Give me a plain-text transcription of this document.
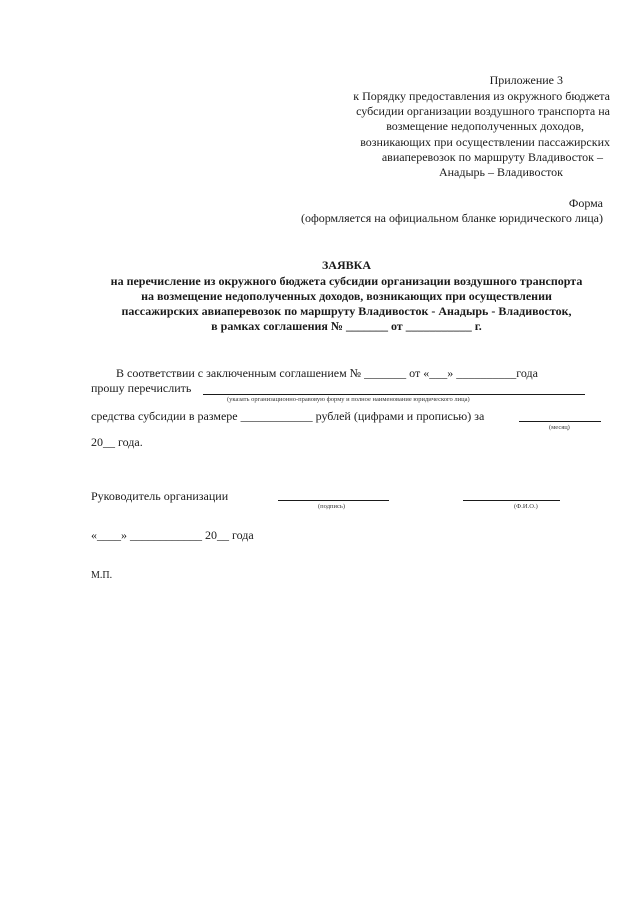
Приложение 3
к Порядку предоставления из окружного бюджета
субсидии организации воздушного транспорта на
возмещение недополученных доходов,
возникающих при осуществлении пассажирских
авиаперевозок по маршруту Владивосток –
Анадырь – Владивосток
Форма
(оформляется на официальном бланке юридического лица)
ЗАЯВКА
на перечисление из окружного бюджета субсидии организации воздушного транспорта
на возмещение недополученных доходов, возникающих при осуществлении
пассажирских авиаперевозок по маршруту Владивосток - Анадырь - Владивосток,
в рамках соглашения № _______ от ___________ г.
В соответствии с заключенным соглашением № _______ от «___» __________года
прошу перечислить
(указать организационно-правовую форму и полное наименование юридического лица)
средства субсидии в размере ____________ рублей (цифрами и прописью) за
(месяц)
20__ года.
Руководитель организации
(подпись)	(Ф.И.О.)
«____» ____________ 20__ года
М.П.
